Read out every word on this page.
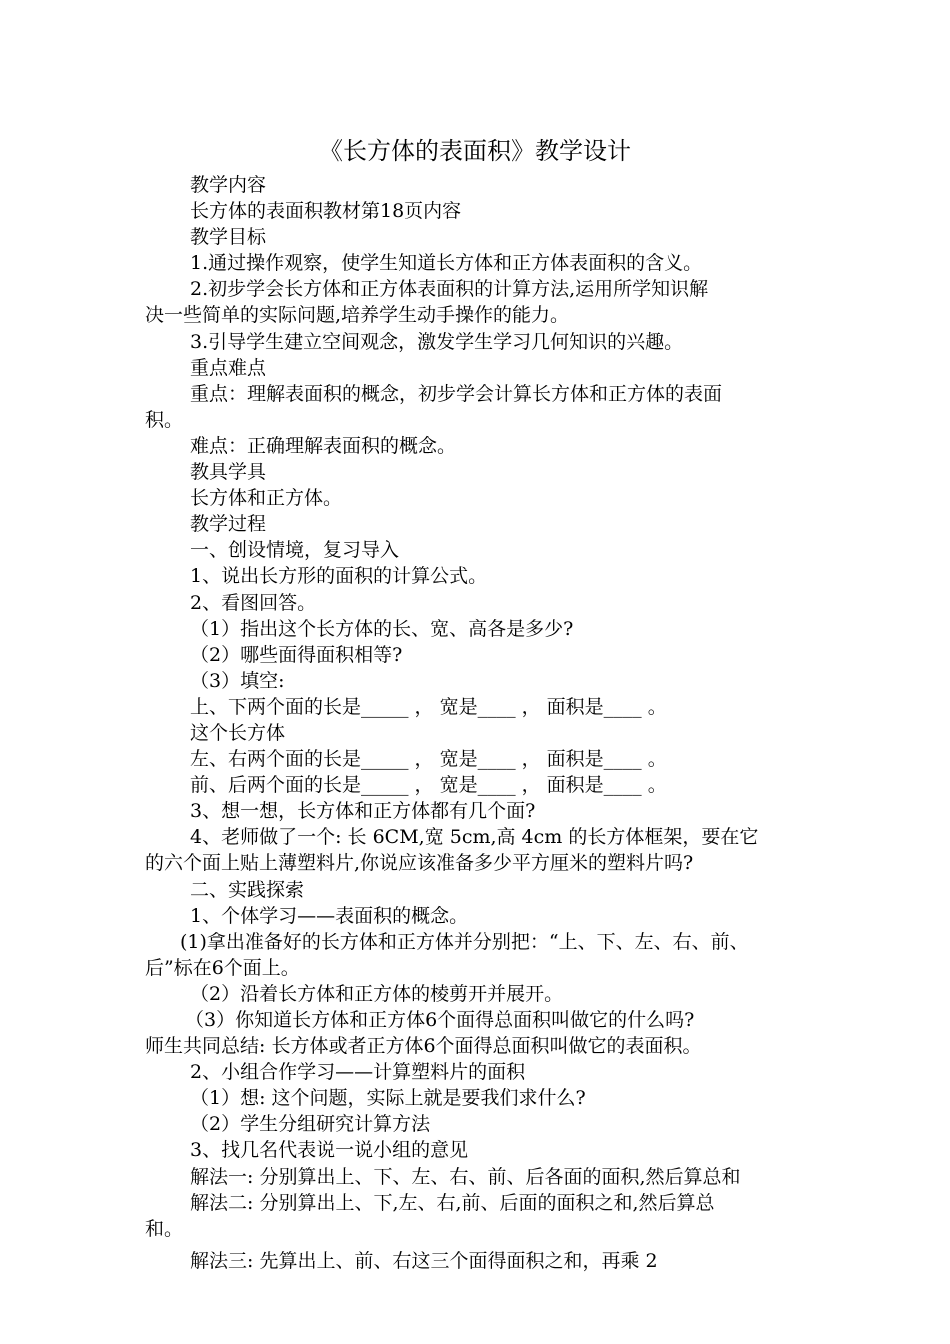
《长方体的表面积》教学设计
教学内容
长方体的表面积教材第18页内容
教学目标
1.通过操作观察，使学生知道长方体和正方体表面积的含义。
2.初步学会长方体和正方体表面积的计算方法,运用所学知识解
决一些简单的实际问题,培养学生动手操作的能力。
3.引导学生建立空间观念，激发学生学习几何知识的兴趣。
重点难点
重点：理解表面积的概念，初步学会计算长方体和正方体的表面
积。
难点：正确理解表面积的概念。
教具学具
长方体和正方体。
教学过程
一、创设情境，复习导入
1、说出长方形的面积的计算公式。
2、看图回答。
（1）指出这个长方体的长、宽、高各是多少?
（2）哪些面得面积相等?
（3）填空:
上、下两个面的长是_____ ， 宽是____ ， 面积是____ 。
这个长方体
左、右两个面的长是_____ ， 宽是____ ， 面积是____ 。
前、后两个面的长是_____ ， 宽是____ ， 面积是____ 。
3、想一想，长方体和正方体都有几个面?
4、老师做了一个: 长 6CM,宽 5cm,高 4cm 的长方体框架，要在它
的六个面上贴上薄塑料片,你说应该准备多少平方厘米的塑料片吗?
二、实践探索
1、个体学习——表面积的概念。
(1)拿出准备好的长方体和正方体并分别把：“上、下、左、右、前、
后”标在6个面上。
（2）沿着长方体和正方体的棱剪开并展开。
（3）你知道长方体和正方体6个面得总面积叫做它的什么吗?
师生共同总结: 长方体或者正方体6个面得总面积叫做它的表面积。
2、小组合作学习——计算塑料片的面积
（1）想: 这个问题，实际上就是要我们求什么?
（2）学生分组研究计算方法
3、找几名代表说一说小组的意见
解法一: 分别算出上、下、左、右、前、后各面的面积,然后算总和
解法二: 分别算出上、下,左、右,前、后面的面积之和,然后算总
和。
解法三: 先算出上、前、右这三个面得面积之和，再乘 2
